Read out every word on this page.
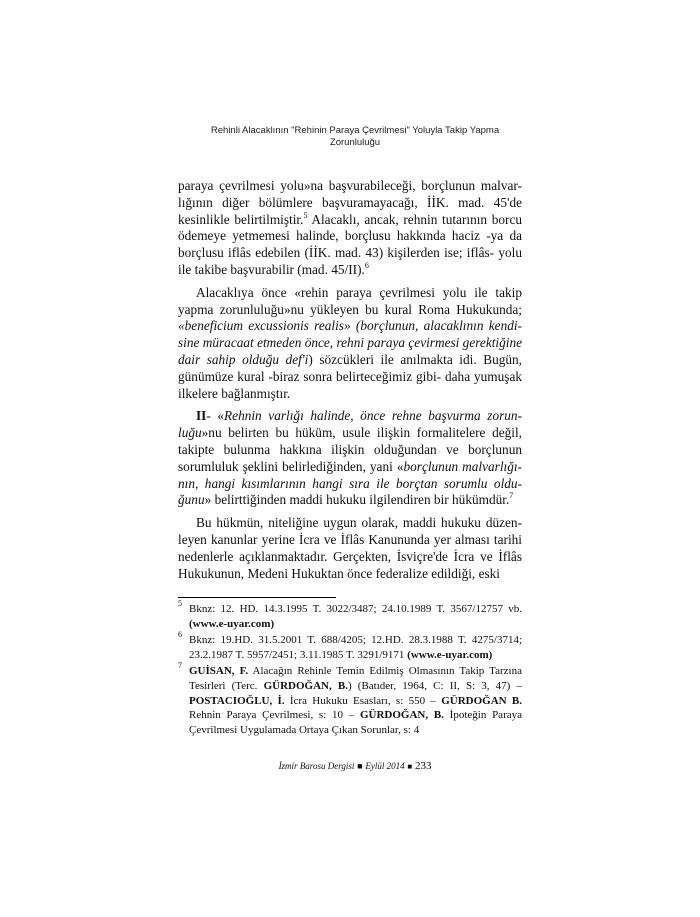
Rehinli Alacaklının "Rehinin Paraya Çevrilmesi" Yoluyla Takip Yapma
Zorunluluğu
paraya çevrilmesi yolu»na başvurabileceği, borçlunun malvar-
lığının diğer bölümlere başvuramayacağı, İİK. mad. 45'de
kesinlikle belirtilmiştir.$^5$ Alacaklı, ancak, rehnin tutarının borcu
ödemeye yetmemesi halinde, borçlusu hakkında haciz -ya da
borçlusu iflâs edebilen (İİK. mad. 43) kişilerden ise; iflâs- yolu
ile takibe başvurabilir (mad. 45/II).$^6$
Alacaklıya önce «rehin paraya çevrilmesi yolu ile takip
yapma zorunluluğu»nu yükleyen bu kural Roma Hukukunda;
«beneficium excussionis realis» (borçlunun, alacaklının kendi-
sine müracaat etmeden önce, rehni paraya çevirmesi gerektiğine
dair sahip olduğu def'i) sözcükleri ile anılmakta idi. Bugün,
günümüze kural -biraz sonra belirteceğimiz gibi- daha yumuşak
ilkelere bağlanmıştır.
II- «Rehnin varlığı halinde, önce rehne başvurma zorun-
luğu»nu belirten bu hüküm, usule ilişkin formalitelere değil,
takipte bulunma hakkına ilişkin olduğundan ve borçlunun
sorumluluk şeklini belirlediğinden, yani «borçlunun malvarlığı-
nın, hangi kısımlarının hangi sıra ile borçtan sorumlu oldu-
ğunu» belirttiğinden maddi hukuku ilgilendiren bir hükümdür.$^7$
Bu hükmün, niteliğine uygun olarak, maddi hukuku düzen-
leyen kanunlar yerine İcra ve İflâs Kanununda yer alması tarihi
nedenlerle açıklanmaktadır. Gerçekten, İsviçre'de İcra ve İflâs
Hukukunun, Medeni Hukuktan önce federalize edildiği, eski
5 Bknz: 12. HD. 14.3.1995 T. 3022/3487; 24.10.1989 T. 3567/12757 vb.
(www.e-uyar.com)
6 Bknz: 19.HD. 31.5.2001 T. 688/4205; 12.HD. 28.3.1988 T. 4275/3714;
23.2.1987 T. 5957/2451; 3.11.1985 T. 3291/9171 (www.e-uyar.com)
7 GUİSAN, F. Alacağın Rehinle Temin Edilmiş Olmasının Takip Tarzına
Tesirleri (Terc. GÜRDOĞAN, B.) (Batıder, 1964, C: II, S: 3, 47) –
POSTACIOĞLU, İ. İcra Hukuku Esasları, s: 550 – GÜRDOĞAN B.
Rehnin Paraya Çevrilmesi, s: 10 – GÜRDOĞAN, B. İpoteğin Paraya
Çevrilmesi Uygulamada Ortaya Çıkan Sorunlar, s: 4
İzmir Barosu Dergisi ■ Eylül 2014 ■ 233
